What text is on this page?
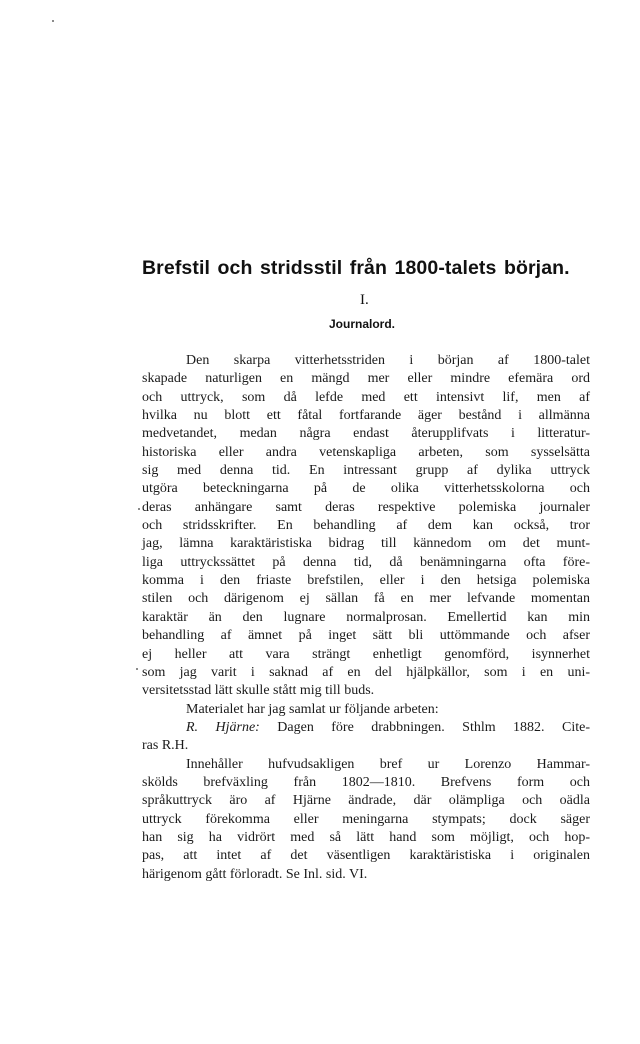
Brefstil och stridsstil från 1800-talets början.
I.
Journalord.
Den skarpa vitterhetsstriden i början af 1800-talet
skapade naturligen en mängd mer eller mindre efemära ord
och uttryck, som då lefde med ett intensivt lif, men af
hvilka nu blott ett fåtal fortfarande äger bestånd i allmänna
medvetandet, medan några endast återupplifvats i litteratur-
historiska eller andra vetenskapliga arbeten, som sysselsätta
sig med denna tid. En intressant grupp af dylika uttryck
utgöra beteckningarna på de olika vitterhetsskolorna och
deras anhängare samt deras respektive polemiska journaler
och stridsskrifter. En behandling af dem kan också, tror
jag, lämna karaktäristiska bidrag till kännedom om det munt-
liga uttryckssättet på denna tid, då benämningarna ofta före-
komma i den friaste brefstilen, eller i den hetsiga polemiska
stilen och därigenom ej sällan få en mer lefvande momentan
karaktär än den lugnare normalprosan. Emellertid kan min
behandling af ämnet på inget sätt bli uttömmande och afser
ej heller att vara strängt enhetligt genomförd, isynnerhet
som jag varit i saknad af en del hjälpkällor, som i en uni-
versitetsstad lätt skulle stått mig till buds.
Materialet har jag samlat ur följande arbeten:
R. Hjärne: Dagen före drabbningen. Sthlm 1882. Cite-
ras R.H.
Innehåller hufvudsakligen bref ur Lorenzo Hammar-
skölds brefväxling från 1802—1810. Brefvens form och
språkuttryck äro af Hjärne ändrade, där olämpliga och oädla
uttryck förekomma eller meningarna stympats; dock säger
han sig ha vidrört med så lätt hand som möjligt, och hop-
pas, att intet af det väsentligen karaktäristiska i originalen
härigenom gått förloradt. Se Inl. sid. VI.
